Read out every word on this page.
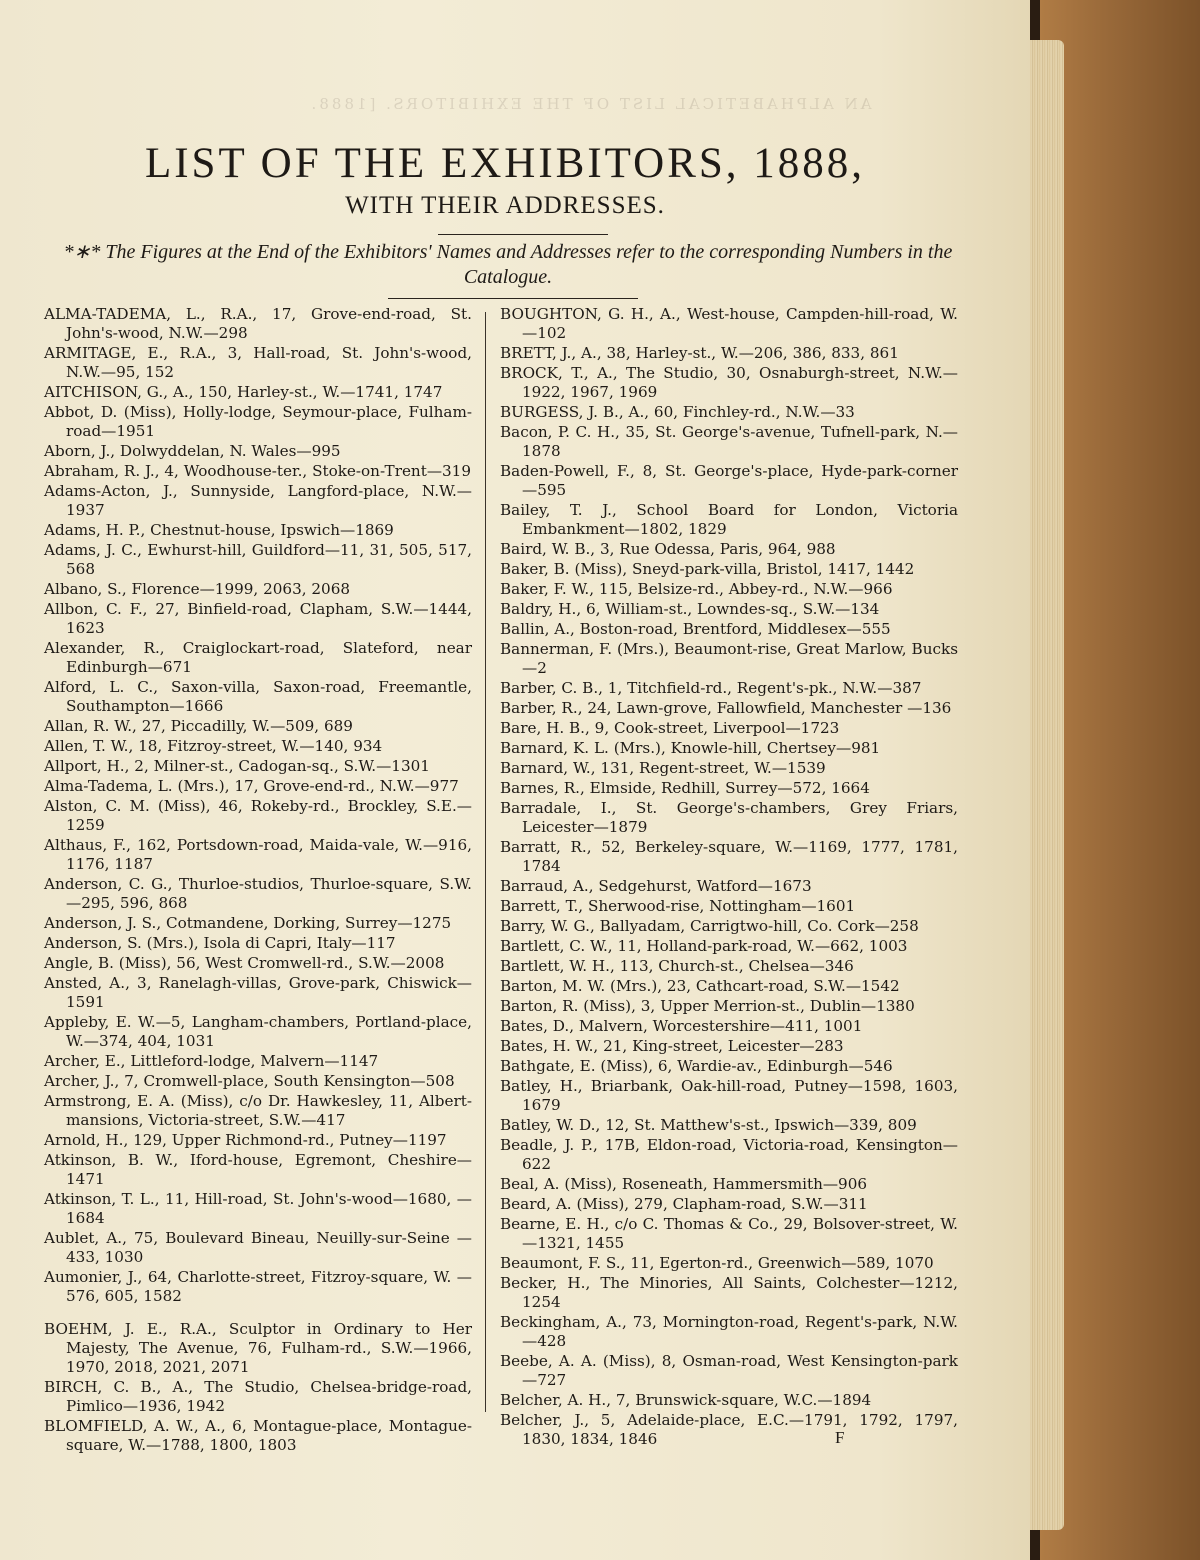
AN ALPHABETICAL LIST OF THE EXHIBITORS. [1888.
LIST OF THE EXHIBITORS, 1888,
WITH THEIR ADDRESSES.
*∗* The Figures at the End of the Exhibitors' Names and Addresses refer to the corresponding Numbers in the Catalogue.
ALMA-TADEMA, L., R.A., 17, Grove-end-road, St. John's-wood, N.W.—298
ARMITAGE, E., R.A., 3, Hall-road, St. John's-wood, N.W.—95, 152
AITCHISON, G., A., 150, Harley-st., W.—1741, 1747
Abbot, D. (Miss), Holly-lodge, Seymour-place, Fulham-road—1951
Aborn, J., Dolwyddelan, N. Wales—995
Abraham, R. J., 4, Woodhouse-ter., Stoke-on-Trent—319
Adams-Acton, J., Sunnyside, Langford-place, N.W.—1937
Adams, H. P., Chestnut-house, Ipswich—1869
Adams, J. C., Ewhurst-hill, Guildford—11, 31, 505, 517, 568
Albano, S., Florence—1999, 2063, 2068
Allbon, C. F., 27, Binfield-road, Clapham, S.W.—1444, 1623
Alexander, R., Craiglockart-road, Slateford, near Edinburgh—671
Alford, L. C., Saxon-villa, Saxon-road, Freemantle, Southampton—1666
Allan, R. W., 27, Piccadilly, W.—509, 689
Allen, T. W., 18, Fitzroy-street, W.—140, 934
Allport, H., 2, Milner-st., Cadogan-sq., S.W.—1301
Alma-Tadema, L. (Mrs.), 17, Grove-end-rd., N.W.—977
Alston, C. M. (Miss), 46, Rokeby-rd., Brockley, S.E.—1259
Althaus, F., 162, Portsdown-road, Maida-vale, W.—916, 1176, 1187
Anderson, C. G., Thurloe-studios, Thurloe-square, S.W.—295, 596, 868
Anderson, J. S., Cotmandene, Dorking, Surrey—1275
Anderson, S. (Mrs.), Isola di Capri, Italy—117
Angle, B. (Miss), 56, West Cromwell-rd., S.W.—2008
Ansted, A., 3, Ranelagh-villas, Grove-park, Chiswick—1591
Appleby, E. W.—5, Langham-chambers, Portland-place, W.—374, 404, 1031
Archer, E., Littleford-lodge, Malvern—1147
Archer, J., 7, Cromwell-place, South Kensington—508
Armstrong, E. A. (Miss), c/o Dr. Hawkesley, 11, Albert-mansions, Victoria-street, S.W.—417
Arnold, H., 129, Upper Richmond-rd., Putney—1197
Atkinson, B. W., Iford-house, Egremont, Cheshire—1471
Atkinson, T. L., 11, Hill-road, St. John's-wood—1680, —1684
Aublet, A., 75, Boulevard Bineau, Neuilly-sur-Seine —433, 1030
Aumonier, J., 64, Charlotte-street, Fitzroy-square, W. —576, 605, 1582
BOEHM, J. E., R.A., Sculptor in Ordinary to Her Majesty, The Avenue, 76, Fulham-rd., S.W.—1966, 1970, 2018, 2021, 2071
BIRCH, C. B., A., The Studio, Chelsea-bridge-road, Pimlico—1936, 1942
BLOMFIELD, A. W., A., 6, Montague-place, Montague-square, W.—1788, 1800, 1803
BOUGHTON, G. H., A., West-house, Campden-hill-road, W.—102
BRETT, J., A., 38, Harley-st., W.—206, 386, 833, 861
BROCK, T., A., The Studio, 30, Osnaburgh-street, N.W.—1922, 1967, 1969
BURGESS, J. B., A., 60, Finchley-rd., N.W.—33
Bacon, P. C. H., 35, St. George's-avenue, Tufnell-park, N.—1878
Baden-Powell, F., 8, St. George's-place, Hyde-park-corner—595
Bailey, T. J., School Board for London, Victoria Embankment—1802, 1829
Baird, W. B., 3, Rue Odessa, Paris, 964, 988
Baker, B. (Miss), Sneyd-park-villa, Bristol, 1417, 1442
Baker, F. W., 115, Belsize-rd., Abbey-rd., N.W.—966
Baldry, H., 6, William-st., Lowndes-sq., S.W.—134
Ballin, A., Boston-road, Brentford, Middlesex—555
Bannerman, F. (Mrs.), Beaumont-rise, Great Marlow, Bucks—2
Barber, C. B., 1, Titchfield-rd., Regent's-pk., N.W.—387
Barber, R., 24, Lawn-grove, Fallowfield, Manchester —136
Bare, H. B., 9, Cook-street, Liverpool—1723
Barnard, K. L. (Mrs.), Knowle-hill, Chertsey—981
Barnard, W., 131, Regent-street, W.—1539
Barnes, R., Elmside, Redhill, Surrey—572, 1664
Barradale, I., St. George's-chambers, Grey Friars, Leicester—1879
Barratt, R., 52, Berkeley-square, W.—1169, 1777, 1781, 1784
Barraud, A., Sedgehurst, Watford—1673
Barrett, T., Sherwood-rise, Nottingham—1601
Barry, W. G., Ballyadam, Carrigtwo-hill, Co. Cork—258
Bartlett, C. W., 11, Holland-park-road, W.—662, 1003
Bartlett, W. H., 113, Church-st., Chelsea—346
Barton, M. W. (Mrs.), 23, Cathcart-road, S.W.—1542
Barton, R. (Miss), 3, Upper Merrion-st., Dublin—1380
Bates, D., Malvern, Worcestershire—411, 1001
Bates, H. W., 21, King-street, Leicester—283
Bathgate, E. (Miss), 6, Wardie-av., Edinburgh—546
Batley, H., Briarbank, Oak-hill-road, Putney—1598, 1603, 1679
Batley, W. D., 12, St. Matthew's-st., Ipswich—339, 809
Beadle, J. P., 17B, Eldon-road, Victoria-road, Kensington—622
Beal, A. (Miss), Roseneath, Hammersmith—906
Beard, A. (Miss), 279, Clapham-road, S.W.—311
Bearne, E. H., c/o C. Thomas & Co., 29, Bolsover-street, W.—1321, 1455
Beaumont, F. S., 11, Egerton-rd., Greenwich—589, 1070
Becker, H., The Minories, All Saints, Colchester—1212, 1254
Beckingham, A., 73, Mornington-road, Regent's-park, N.W.—428
Beebe, A. A. (Miss), 8, Osman-road, West Kensington-park—727
Belcher, A. H., 7, Brunswick-square, W.C.—1894
Belcher, J., 5, Adelaide-place, E.C.—1791, 1792, 1797, 1830, 1834, 1846	F
